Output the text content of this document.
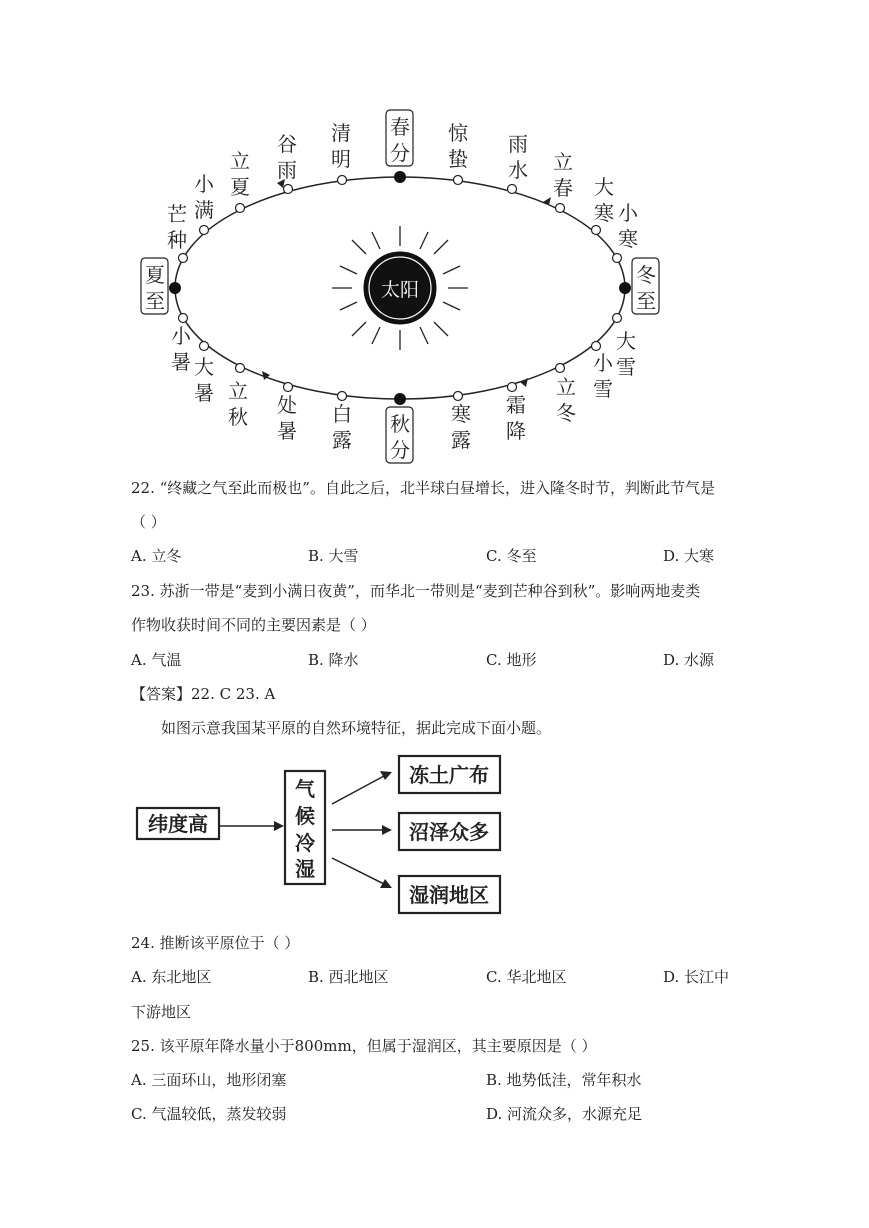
太阳
春
分
惊
蛰
雨
水 立
春 大
寒 小
寒
冬
至
大
雪
小
雪
立
冬
霜
降
寒
露
秋
分
白
露
处
暑
立
秋
大
暑
小
暑
夏
至
芒
种
小
满
立
夏
谷
雨
清
明
22. “终藏之气至此而极也”。自此之后，北半球白昼增长，进入隆冬时节，判断此节气是
（ ）
A. 立冬	B. 大雪	C. 冬至	D. 大寒
23. 苏浙一带是“麦到小满日夜黄”，而华北一带则是“麦到芒种谷到秋”。影响两地麦类
作物收获时间不同的主要因素是（ ）
A. 气温	B. 降水	C. 地形	D. 水源
【答案】22. C 23. A
如图示意我国某平原的自然环境特征，据此完成下面小题。
纬度高
气
候
冷
湿
冻土广布
沼泽众多
湿润地区
24. 推断该平原位于（ ）
A. 东北地区	B. 西北地区	C. 华北地区	D. 长江中
下游地区
25. 该平原年降水量小于800mm，但属于湿润区，其主要原因是（ ）
A. 三面环山，地形闭塞	B. 地势低洼，常年积水
C. 气温较低，蒸发较弱	D. 河流众多，水源充足
